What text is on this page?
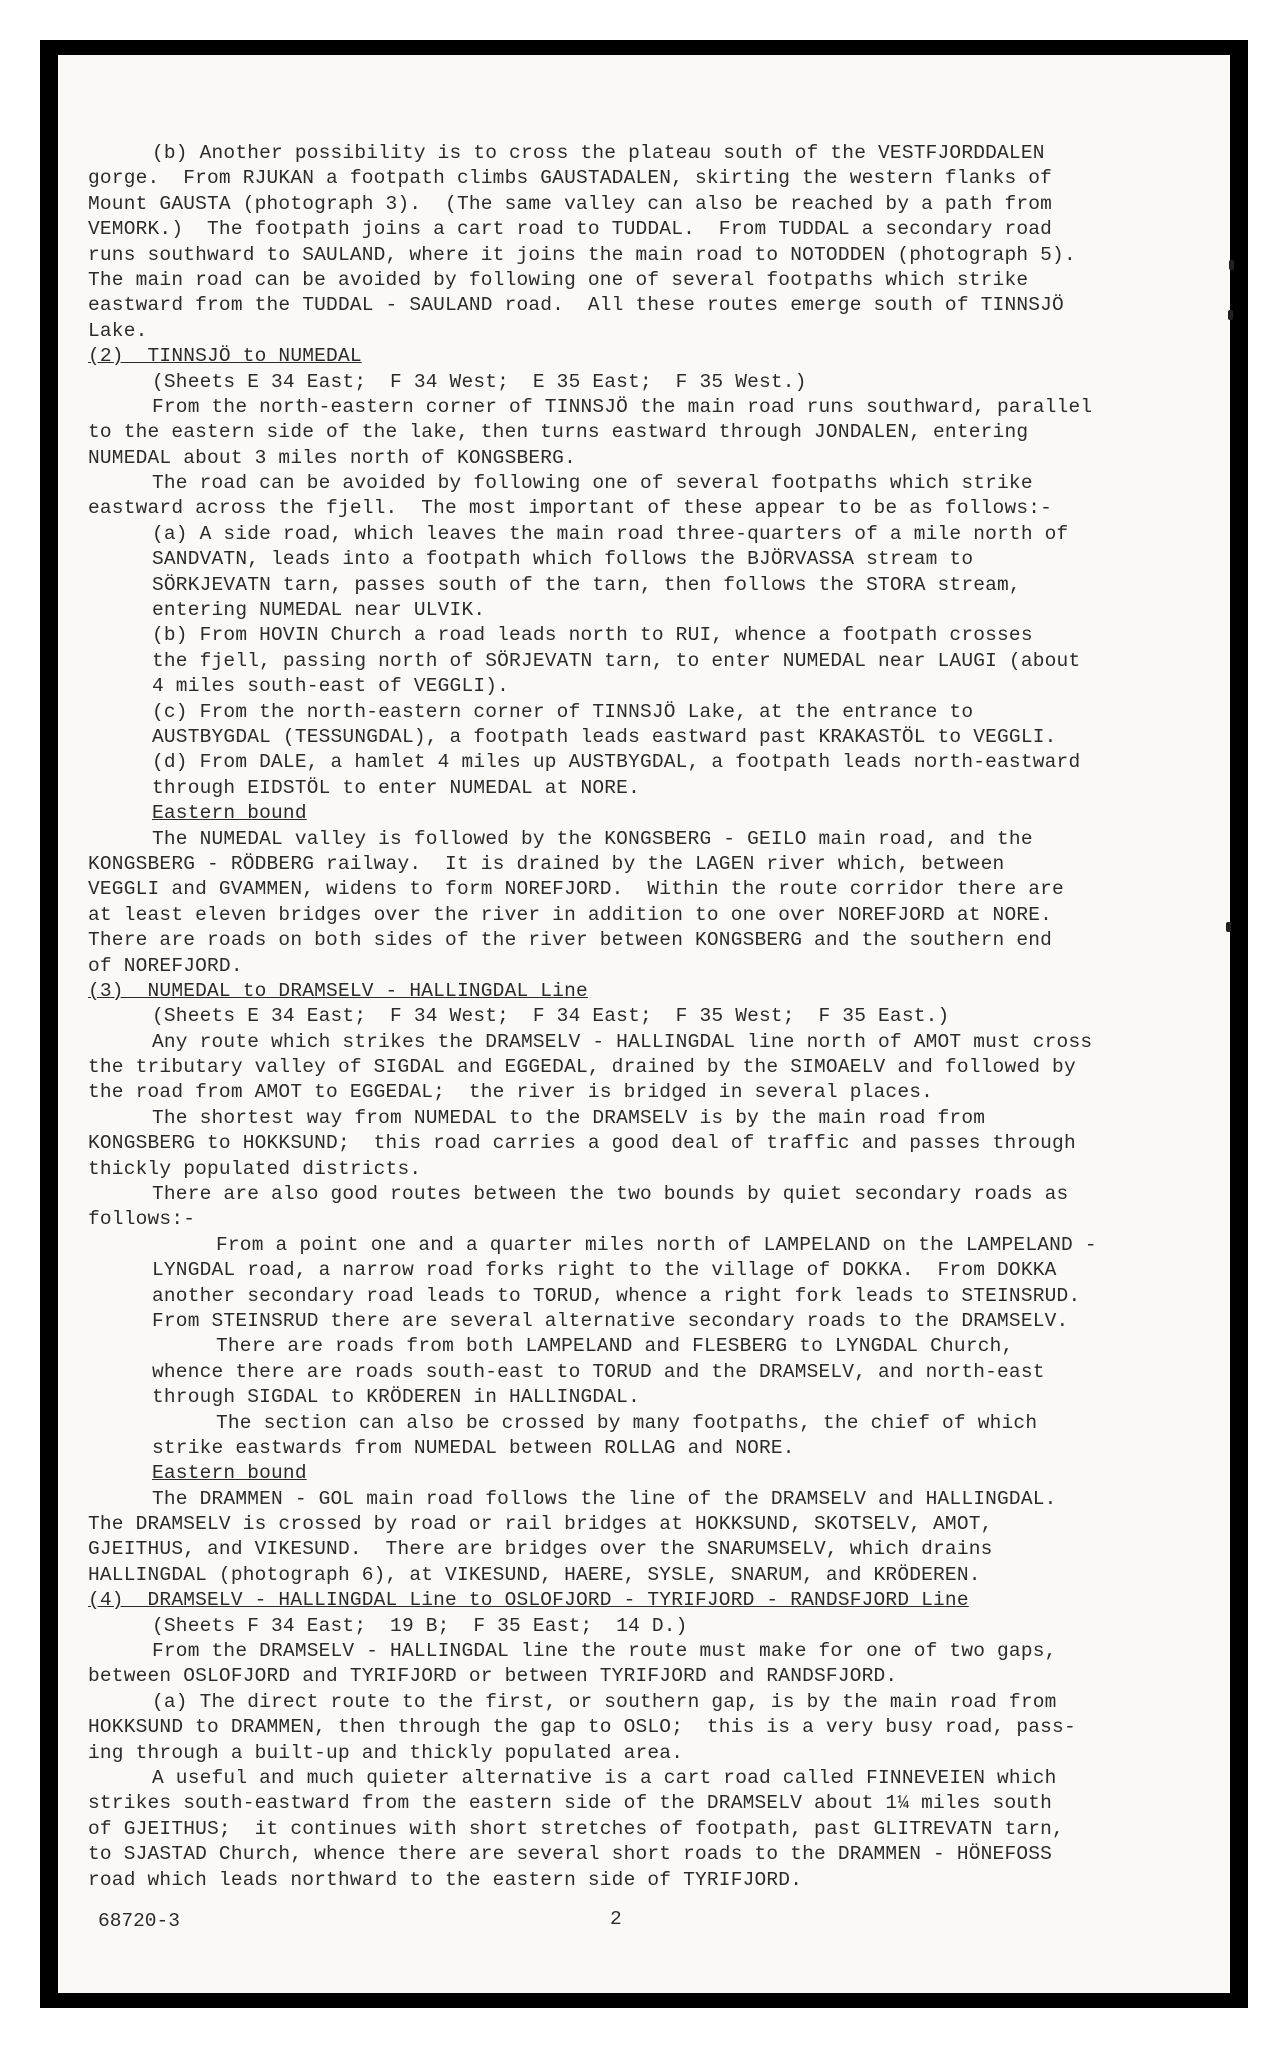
(b) Another possibility is to cross the plateau south of the VESTFJORDDALEN
gorge.  From RJUKAN a footpath climbs GAUSTADALEN, skirting the western flanks of
Mount GAUSTA (photograph 3).  (The same valley can also be reached by a path from
VEMORK.)  The footpath joins a cart road to TUDDAL.  From TUDDAL a secondary road
runs southward to SAULAND, where it joins the main road to NOTODDEN (photograph 5).
The main road can be avoided by following one of several footpaths which strike
eastward from the TUDDAL - SAULAND road.  All these routes emerge south of TINNSJÖ
Lake.
(2)  TINNSJÖ to NUMEDAL
(Sheets E 34 East;  F 34 West;  E 35 East;  F 35 West.)
From the north-eastern corner of TINNSJÖ the main road runs southward, parallel
to the eastern side of the lake, then turns eastward through JONDALEN, entering
NUMEDAL about 3 miles north of KONGSBERG.
The road can be avoided by following one of several footpaths which strike
eastward across the fjell.  The most important of these appear to be as follows:-
(a) A side road, which leaves the main road three-quarters of a mile north of
SANDVATN, leads into a footpath which follows the BJÖRVASSA stream to
SÖRKJEVATN tarn, passes south of the tarn, then follows the STORA stream,
entering NUMEDAL near ULVIK.
(b) From HOVIN Church a road leads north to RUI, whence a footpath crosses
the fjell, passing north of SÖRJEVATN tarn, to enter NUMEDAL near LAUGI (about
4 miles south-east of VEGGLI).
(c) From the north-eastern corner of TINNSJÖ Lake, at the entrance to
AUSTBYGDAL (TESSUNGDAL), a footpath leads eastward past KRAKASTÖL to VEGGLI.
(d) From DALE, a hamlet 4 miles up AUSTBYGDAL, a footpath leads north-eastward
through EIDSTÖL to enter NUMEDAL at NORE.
Eastern bound
The NUMEDAL valley is followed by the KONGSBERG - GEILO main road, and the
KONGSBERG - RÖDBERG railway.  It is drained by the LAGEN river which, between
VEGGLI and GVAMMEN, widens to form NOREFJORD.  Within the route corridor there are
at least eleven bridges over the river in addition to one over NOREFJORD at NORE.
There are roads on both sides of the river between KONGSBERG and the southern end
of NOREFJORD.
(3)  NUMEDAL to DRAMSELV - HALLINGDAL Line
(Sheets E 34 East;  F 34 West;  F 34 East;  F 35 West;  F 35 East.)
Any route which strikes the DRAMSELV - HALLINGDAL line north of AMOT must cross
the tributary valley of SIGDAL and EGGEDAL, drained by the SIMOAELV and followed by
the road from AMOT to EGGEDAL;  the river is bridged in several places.
The shortest way from NUMEDAL to the DRAMSELV is by the main road from
KONGSBERG to HOKKSUND;  this road carries a good deal of traffic and passes through
thickly populated districts.
There are also good routes between the two bounds by quiet secondary roads as
follows:-
From a point one and a quarter miles north of LAMPELAND on the LAMPELAND -
LYNGDAL road, a narrow road forks right to the village of DOKKA.  From DOKKA
another secondary road leads to TORUD, whence a right fork leads to STEINSRUD.
From STEINSRUD there are several alternative secondary roads to the DRAMSELV.
There are roads from both LAMPELAND and FLESBERG to LYNGDAL Church,
whence there are roads south-east to TORUD and the DRAMSELV, and north-east
through SIGDAL to KRÖDEREN in HALLINGDAL.
The section can also be crossed by many footpaths, the chief of which
strike eastwards from NUMEDAL between ROLLAG and NORE.
Eastern bound
The DRAMMEN - GOL main road follows the line of the DRAMSELV and HALLINGDAL.
The DRAMSELV is crossed by road or rail bridges at HOKKSUND, SKOTSELV, AMOT,
GJEITHUS, and VIKESUND.  There are bridges over the SNARUMSELV, which drains
HALLINGDAL (photograph 6), at VIKESUND, HAERE, SYSLE, SNARUM, and KRÖDEREN.
(4)  DRAMSELV - HALLINGDAL Line to OSLOFJORD - TYRIFJORD - RANDSFJORD Line
(Sheets F 34 East;  19 B;  F 35 East;  14 D.)
From the DRAMSELV - HALLINGDAL line the route must make for one of two gaps,
between OSLOFJORD and TYRIFJORD or between TYRIFJORD and RANDSFJORD.
(a) The direct route to the first, or southern gap, is by the main road from
HOKKSUND to DRAMMEN, then through the gap to OSLO;  this is a very busy road, pass-
ing through a built-up and thickly populated area.
A useful and much quieter alternative is a cart road called FINNEVEIEN which
strikes south-eastward from the eastern side of the DRAMSELV about 1¼ miles south
of GJEITHUS;  it continues with short stretches of footpath, past GLITREVATN tarn,
to SJASTAD Church, whence there are several short roads to the DRAMMEN - HÖNEFOSS
road which leads northward to the eastern side of TYRIFJORD.
68720-3	2
